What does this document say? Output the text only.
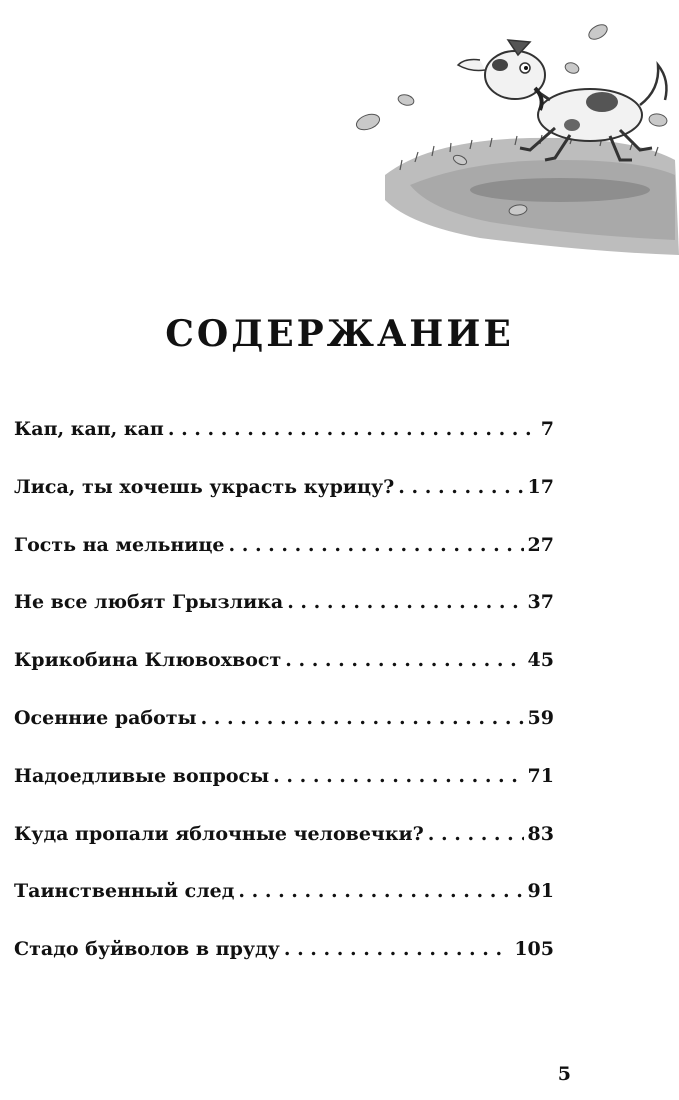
СОДЕРЖАНИЕ
Кап, кап, кап . . .	7
Лиса, ты хочешь украсть курицу? . . .	17
Гость на мельнице . . .	27
Не все любят Грызлика . . .	37
Крикобина Клювохвост . . .	45
Осенние работы . . .	59
Надоедливые вопросы . . .	71
Куда пропали яблочные человечки? . . .	83
Таинственный след . . .	91
Стадо буйволов в пруду . . .	105
5
